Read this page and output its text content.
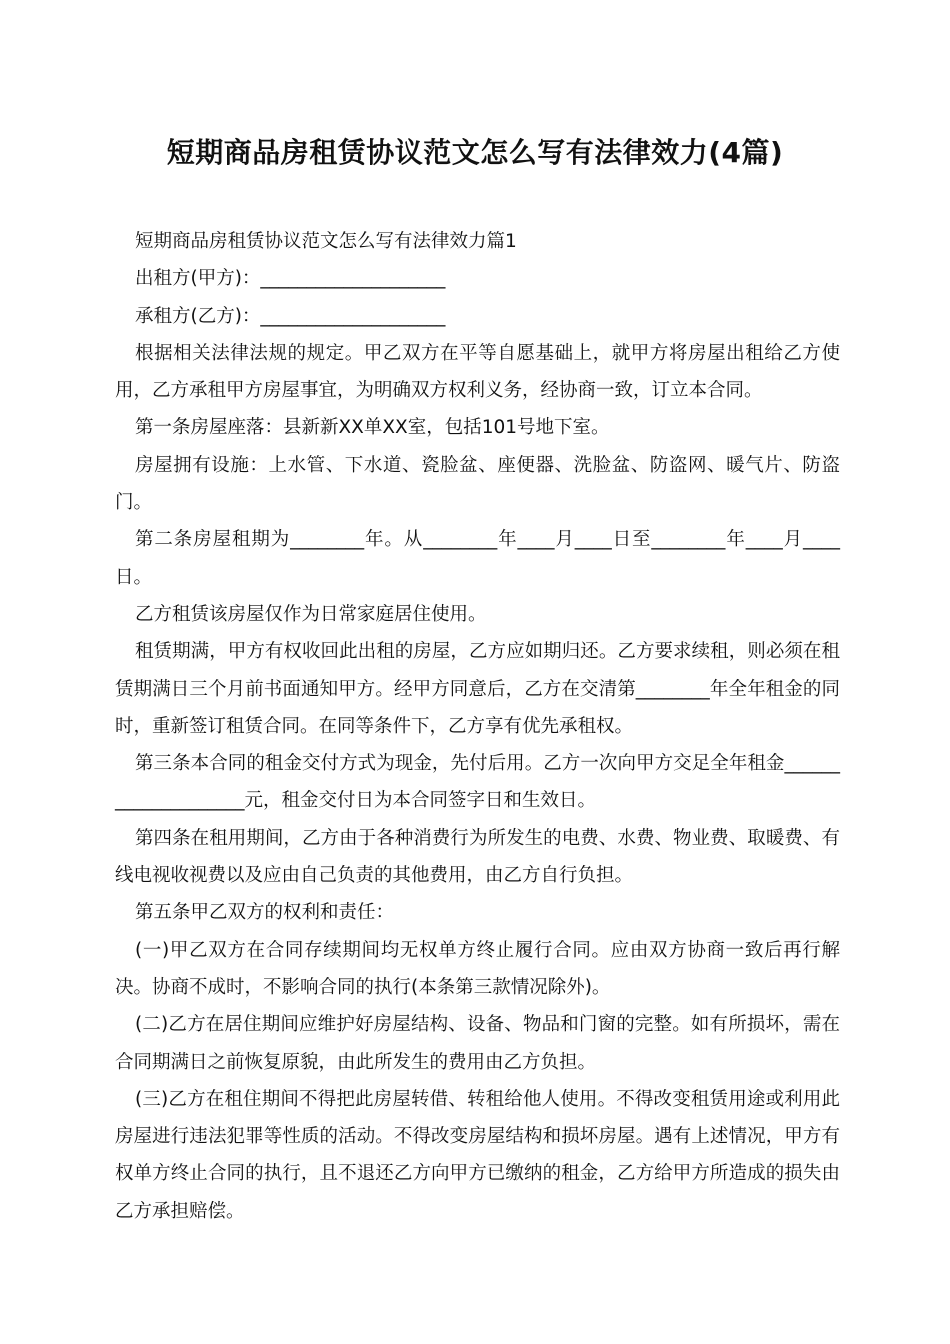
短期商品房租赁协议范文怎么写有法律效力(4篇)

短期商品房租赁协议范文怎么写有法律效力篇1

出租方(甲方)：____________________

承租方(乙方)：____________________

根据相关法律法规的规定。甲乙双方在平等自愿基础上，就甲方将房屋出租给乙方使用，乙方承租甲方房屋事宜，为明确双方权利义务，经协商一致，订立本合同。

第一条房屋座落：县新新XX单XX室，包括101号地下室。

房屋拥有设施：上水管、下水道、瓷脸盆、座便器、洗脸盆、防盗网、暖气片、防盗门。

第二条房屋租期为________年。从________年____月____日至________年____月____日。

乙方租赁该房屋仅作为日常家庭居住使用。

租赁期满，甲方有权收回此出租的房屋，乙方应如期归还。乙方要求续租，则必须在租赁期满日三个月前书面通知甲方。经甲方同意后，乙方在交清第________年全年租金的同时，重新签订租赁合同。在同等条件下，乙方享有优先承租权。

第三条本合同的租金交付方式为现金，先付后用。乙方一次向甲方交足全年租金____________________元，租金交付日为本合同签字日和生效日。

第四条在租用期间，乙方由于各种消费行为所发生的电费、水费、物业费、取暖费、有线电视收视费以及应由自己负责的其他费用，由乙方自行负担。

第五条甲乙双方的权利和责任：

(一)甲乙双方在合同存续期间均无权单方终止履行合同。应由双方协商一致后再行解决。协商不成时，不影响合同的执行(本条第三款情况除外)。

(二)乙方在居住期间应维护好房屋结构、设备、物品和门窗的完整。如有所损坏，需在合同期满日之前恢复原貌，由此所发生的费用由乙方负担。

(三)乙方在租住期间不得把此房屋转借、转租给他人使用。不得改变租赁用途或利用此房屋进行违法犯罪等性质的活动。不得改变房屋结构和损坏房屋。遇有上述情况，甲方有权单方终止合同的执行，且不退还乙方向甲方已缴纳的租金，乙方给甲方所造成的损失由乙方承担赔偿。
